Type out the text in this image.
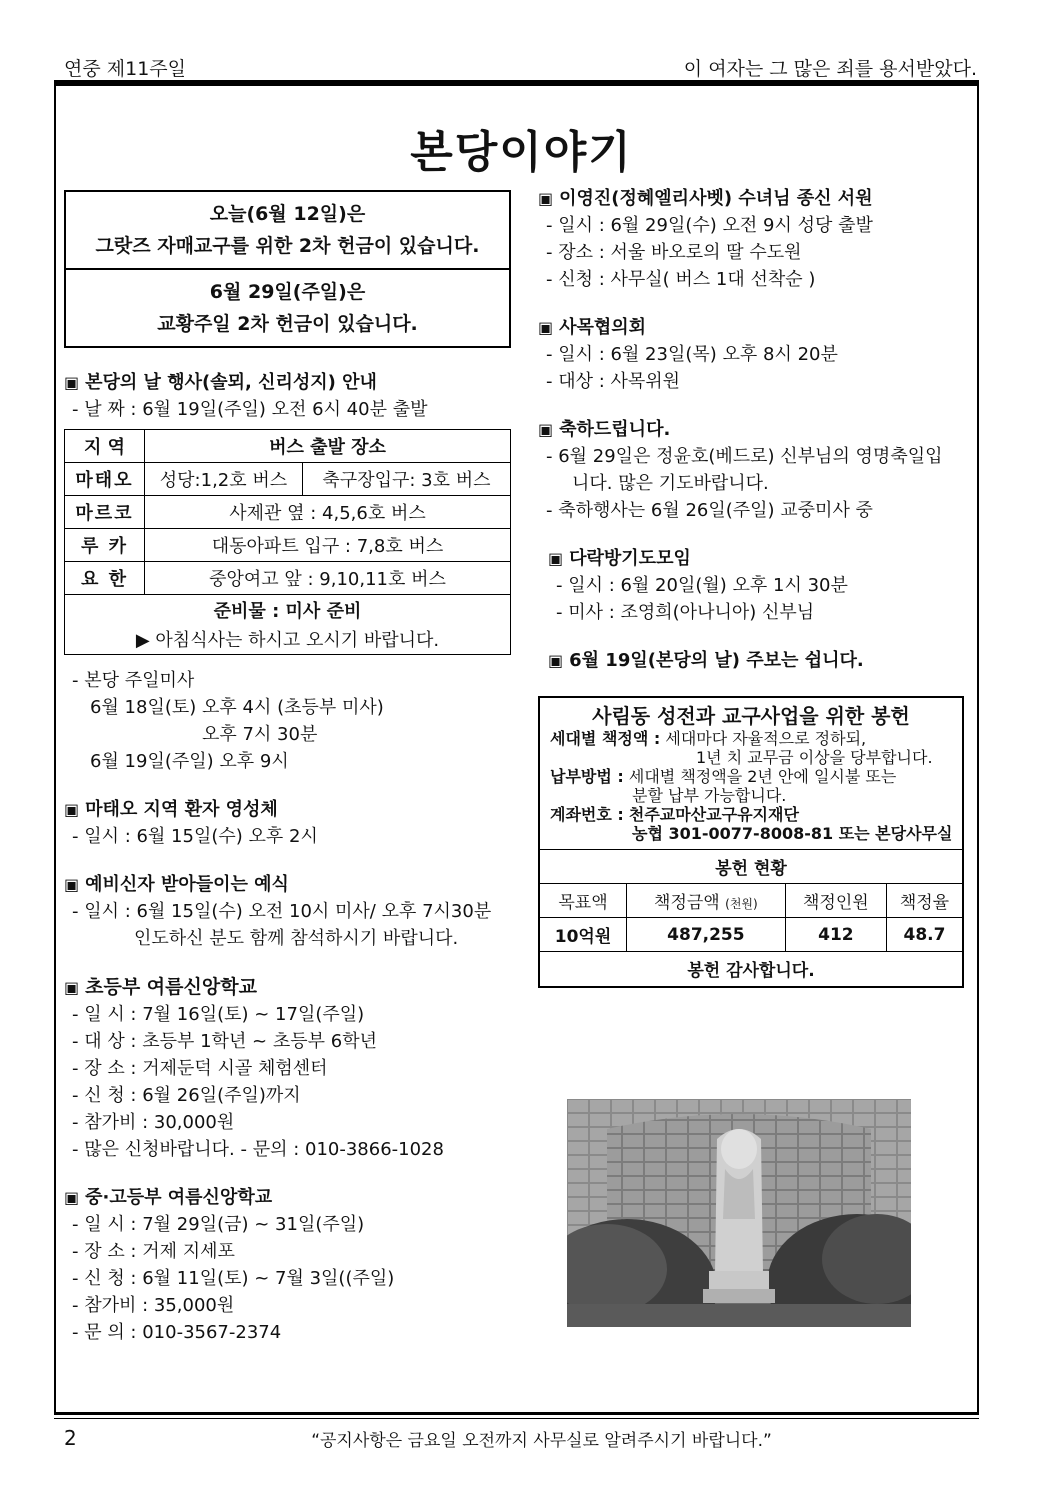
연중 제11주일	이 여자는 그 많은 죄를 용서받았다.
본당이야기
오늘(6월 12일)은
그랏즈 자매교구를 위한 2차 헌금이 있습니다.
6월 29일(주일)은
교황주일 2차 헌금이 있습니다.
▣ 본당의 날 행사(솔뫼, 신리성지) 안내
- 날 짜 : 6월 19일(주일) 오전 6시 40분 출발
지 역	버스 출발 장소	
마태오	성당:1,2호 버스	축구장입구: 3호 버스
마르코	사제관 옆 : 4,5,6호 버스	
루 카	대동아파트 입구 : 7,8호 버스	
요 한	중앙여고 앞 : 9,10,11호 버스	
준비물 : 미사 준비		
▶ 아침식사는 하시고 오시기 바랍니다.		
- 본당 주일미사
6월 18일(토) 오후 4시 (초등부 미사)
오후 7시 30분
6월 19일(주일) 오후 9시
▣ 마태오 지역 환자 영성체
- 일시 : 6월 15일(수) 오후 2시
▣ 예비신자 받아들이는 예식
- 일시 : 6월 15일(수) 오전 10시 미사/ 오후 7시30분
인도하신 분도 함께 참석하시기 바랍니다.
▣ 초등부 여름신앙학교
- 일 시 : 7월 16일(토) ~ 17일(주일)
- 대 상 : 초등부 1학년 ~ 초등부 6학년
- 장 소 : 거제둔덕 시골 체험센터
- 신 청 : 6월 26일(주일)까지
- 참가비 : 30,000원
- 많은 신청바랍니다. - 문의 : 010-3866-1028
▣ 중·고등부 여름신앙학교
- 일 시 : 7월 29일(금) ~ 31일(주일)
- 장 소 : 거제 지세포
- 신 청 : 6월 11일(토) ~ 7월 3일((주일)
- 참가비 : 35,000원
- 문 의 : 010-3567-2374
▣ 이영진(정혜엘리사벳) 수녀님 종신 서원
- 일시 : 6월 29일(수) 오전 9시 성당 출발
- 장소 : 서울 바오로의 딸 수도원
- 신청 : 사무실( 버스 1대 선착순 )
▣ 사목협의회
- 일시 : 6월 23일(목) 오후 8시 20분
- 대상 : 사목위원
▣ 축하드립니다.
- 6월 29일은 정윤호(베드로) 신부님의 영명축일입
니다. 많은 기도바랍니다.
- 축하행사는 6월 26일(주일) 교중미사 중
▣ 다락방기도모임
- 일시 : 6월 20일(월) 오후 1시 30분
- 미사 : 조영희(아나니아) 신부님
▣ 6월 19일(본당의 날) 주보는 쉽니다.
사림동 성전과 교구사업을 위한 봉헌
세대별 책정액 : 세대마다 자율적으로 정하되,
1년 치 교무금 이상을 당부합니다.
납부방법 : 세대별 책정액을 2년 안에 일시불 또는
분할 납부 가능합니다.
계좌번호 : 천주교마산교구유지재단
농협 301-0077-8008-81 또는 본당사무실
봉헌 현황			
목표액	책정금액 (천원)	책정인원	책정율
10억원	487,255	412	48.7
봉헌 감사합니다.			
2	“공지사항은 금요일 오전까지 사무실로 알려주시기 바랍니다.”
